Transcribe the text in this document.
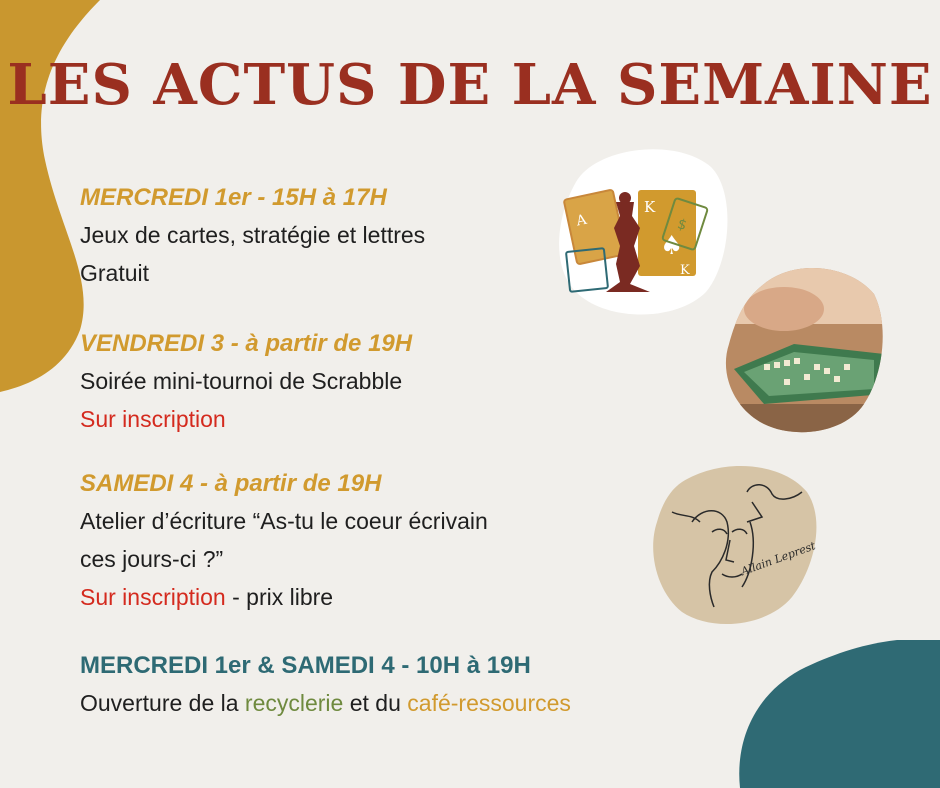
LES ACTUS DE LA SEMAINE
MERCREDI 1er - 15H à 17H
Jeux de cartes, stratégie et lettres
Gratuit
VENDREDI 3 - à partir de 19H
Soirée mini-tournoi de Scrabble
Sur inscription
SAMEDI 4 - à partir de 19H
Atelier d’écriture “As-tu le coeur écrivain
ces jours-ci ?”
Sur inscription - prix libre
MERCREDI 1er & SAMEDI 4 - 10H à 19H
Ouverture de la recyclerie et du café-ressources
A
K
♠
K
$
Allain Leprest
